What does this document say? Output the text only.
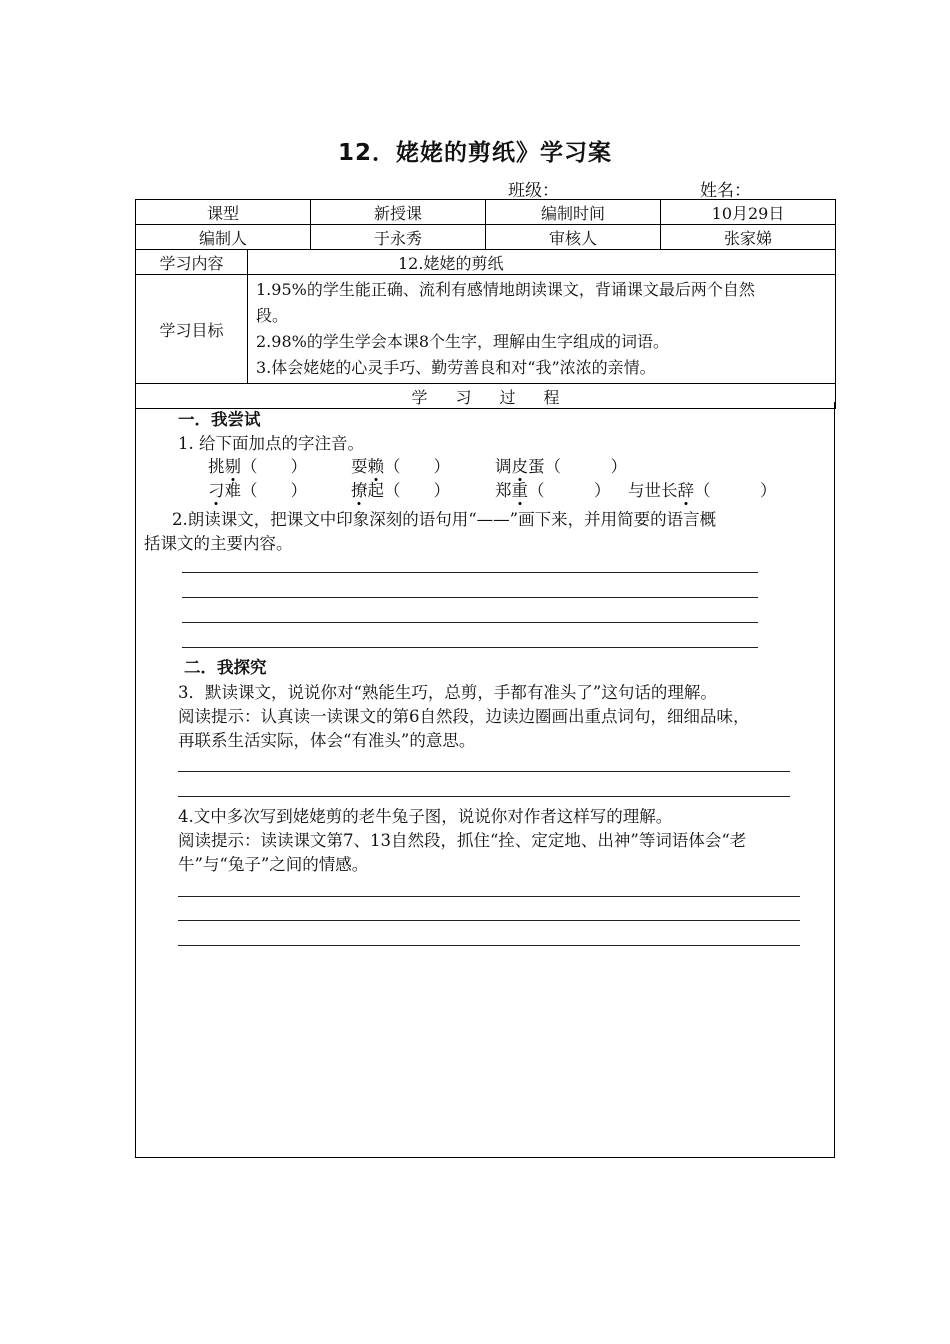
12．姥姥的剪纸》学习案
班级：	姓名：
课型		新授课	编制时间	10月29日
编制人		于永秀	审核人	张家娣
学习内容	12.姥姥的剪纸			
学习目标	1.95%的学生能正确、流利有感情地朗读课文，背诵课文最后两个自然
段。
2.98%的学生学会本课8个生字，理解由生字组成的词语。
3.体会姥姥的心灵手巧、勤劳善良和对“我”浓浓的亲情。			

学习过程				
一．我尝试
1. 给下面加点的字注音。
挑剔（　　）	耍赖（　　）	调皮蛋（　　　）
刁难（　　）	撩起（　　）	郑重（　　　） 与世长辞（　　　）
2.朗读课文，把课文中印象深刻的语句用“——”画下来，并用简要的语言概
括课文的主要内容。
二．我探究
3．默读课文，说说你对“熟能生巧，总剪，手都有准头了”这句话的理解。
阅读提示：认真读一读课文的第6自然段，边读边圈画出重点词句，细细品味，
再联系生活实际，体会“有准头”的意思。
4.文中多次写到姥姥剪的老牛兔子图，说说你对作者这样写的理解。
阅读提示：读读课文第7、13自然段，抓住“拴、定定地、出神”等词语体会“老
牛”与“兔子”之间的情感。
